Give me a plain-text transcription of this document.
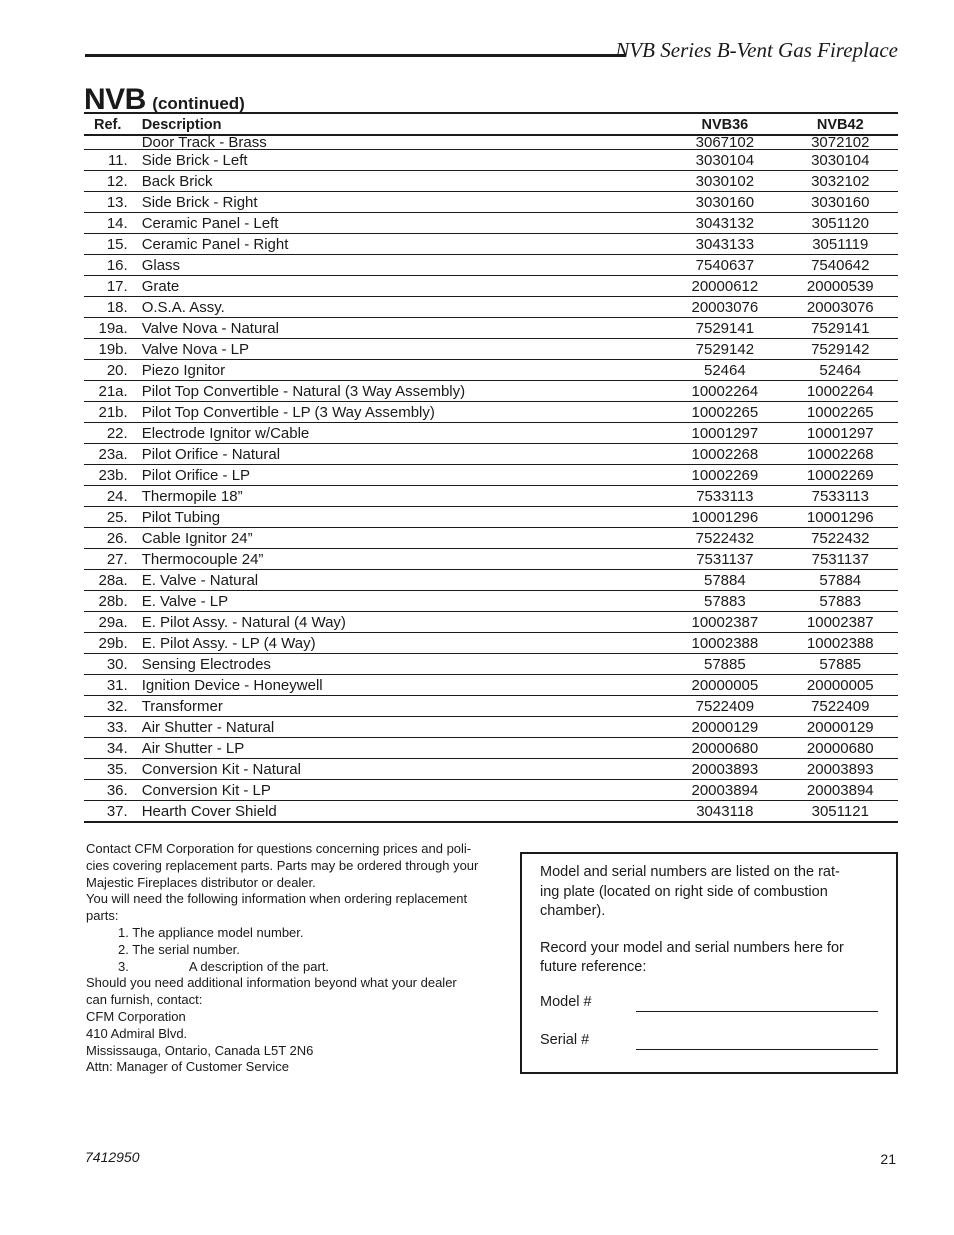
NVB Series B-Vent Gas Fireplace
NVB (continued)
Ref.	Description	NVB36	NVB42
	Door Track - Brass	3067102	3072102
11.	Side Brick - Left	3030104	3030104
12.	Back Brick	3030102	3032102
13.	Side Brick - Right	3030160	3030160
14.	Ceramic Panel - Left	3043132	3051120
15.	Ceramic Panel - Right	3043133	3051119
16.	Glass	7540637	7540642
17.	Grate	20000612	20000539
18.	O.S.A. Assy.	20003076	20003076
19a.	Valve Nova - Natural	7529141	7529141
19b.	Valve Nova - LP	7529142	7529142
20.	Piezo Ignitor	52464	52464
21a.	Pilot Top Convertible - Natural (3 Way Assembly)	10002264	10002264
21b.	Pilot Top Convertible - LP (3 Way Assembly)	10002265	10002265
22.	Electrode Ignitor w/Cable	10001297	10001297
23a.	Pilot Orifice - Natural	10002268	10002268
23b.	Pilot Orifice - LP	10002269	10002269
24.	Thermopile 18”	7533113	7533113
25.	Pilot Tubing	10001296	10001296
26.	Cable Ignitor 24”	7522432	7522432
27.	Thermocouple 24”	7531137	7531137
28a.	E. Valve - Natural	57884	57884
28b.	E. Valve - LP	57883	57883
29a.	E. Pilot Assy. - Natural (4 Way)	10002387	10002387
29b.	E. Pilot Assy. - LP (4 Way)	10002388	10002388
30.	Sensing Electrodes	57885	57885
31.	Ignition Device - Honeywell	20000005	20000005
32.	Transformer	7522409	7522409
33.	Air Shutter - Natural	20000129	20000129
34.	Air Shutter - LP	20000680	20000680
35.	Conversion Kit - Natural	20003893	20003893
36.	Conversion Kit - LP	20003894	20003894
37.	Hearth Cover Shield	3043118	3051121

Contact CFM Corporation for questions concerning prices and poli-

cies covering replacement parts. Parts may be ordered through your

Majestic Fireplaces distributor or dealer.

You will need the following information when ordering replacement

parts:

1. The appliance model number.

2. The serial number.

3.	A description of the part.

Should you need additional information beyond what your dealer

can furnish, contact:

CFM Corporation

410 Admiral Blvd.

Mississauga, Ontario, Canada L5T 2N6

Attn: Manager of Customer Service

Model and serial numbers are listed on the rat-

ing plate (located on right side of combustion

chamber).

Record your model and serial numbers here for

future reference:

Model #
Serial #
7412950	21
